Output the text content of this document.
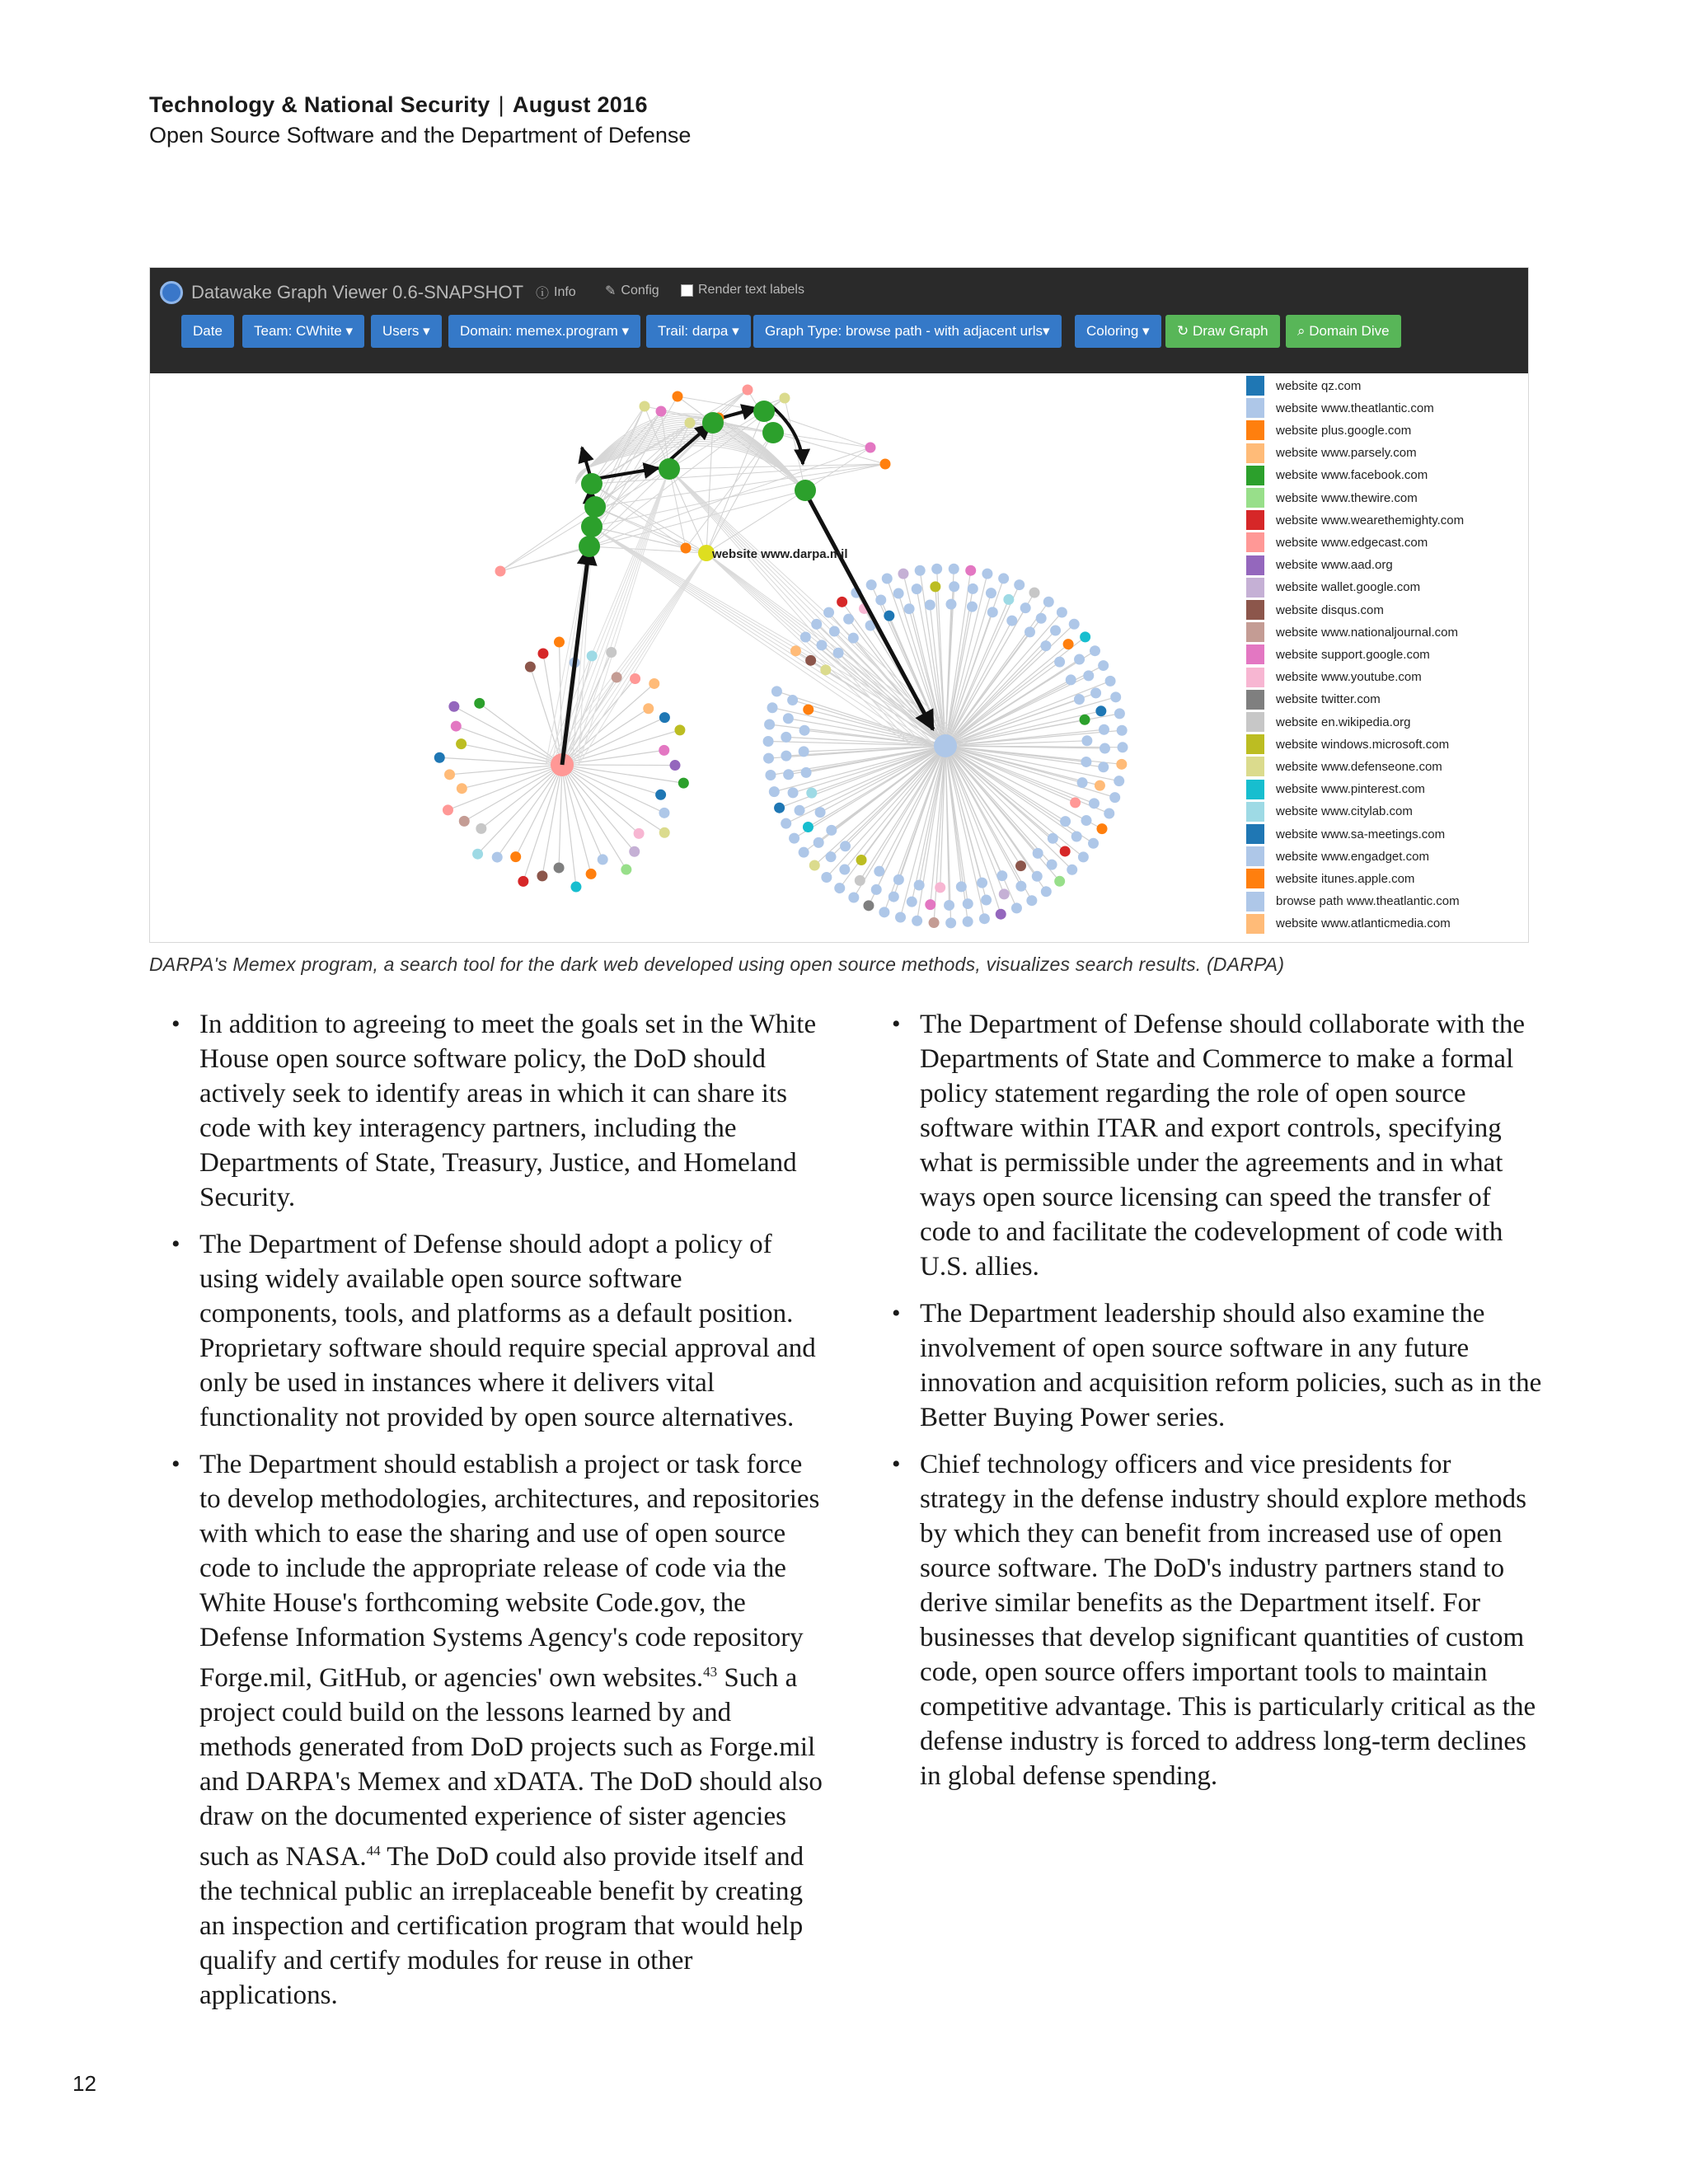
Technology & National Security | August 2016
Open Source Software and the Department of Defense
Datawake Graph Viewer 0.6-SNAPSHOT ⓘ Info ✎ Config	Render text labels
Date	Team: CWhite ▾	Users ▾	Domain: memex.program ▾	Trail: darpa ▾	Graph Type: browse path - with adjacent urls▾	Coloring ▾	↻ Draw Graph	⌕ Domain Dive
website www.darpa.mil
website qz.com
website www.theatlantic.com
website plus.google.com
website www.parsely.com
website www.facebook.com
website www.thewire.com
website www.wearethemighty.com
website www.edgecast.com
website www.aad.org
website wallet.google.com
website disqus.com
website www.nationaljournal.com
website support.google.com
website www.youtube.com
website twitter.com
website en.wikipedia.org
website windows.microsoft.com
website www.defenseone.com
website www.pinterest.com
website www.citylab.com
website www.sa-meetings.com
website www.engadget.com
website itunes.apple.com
browse path www.theatlantic.com
website www.atlanticmedia.com
DARPA's Memex program, a search tool for the dark web developed using open source methods, visualizes search results. (DARPA)
• In addition to agreeing to meet the goals set in the White House open source software policy, the DoD should actively seek to identify areas in which it can share its code with key interagency partners, including the Departments of State, Treasury, Justice, and Homeland Security.
• The Department of Defense should adopt a policy of using widely available open source software components, tools, and platforms as a default position. Proprietary software should require special approval and only be used in instances where it delivers vital functionality not provided by open source alternatives.
• The Department should establish a project or task force to develop methodologies, architectures, and repositories with which to ease the sharing and use of open source code to include the appropriate release of code via the White House's forthcoming website Code.gov, the Defense Information Systems Agency's code repository Forge.mil, GitHub, or agencies' own websites.$^{43}$ Such a project could build on the lessons learned by and methods generated from DoD projects such as Forge.mil and DARPA's Memex and xDATA. The DoD should also draw on the documented experience of sister agencies such as NASA.$^{44}$ The DoD could also provide itself and the technical public an irreplaceable benefit by creating an inspection and certification program that would help qualify and certify modules for reuse in other applications.
• The Department of Defense should collaborate with the Departments of State and Commerce to make a formal policy statement regarding the role of open source software within ITAR and export controls, specifying what is permissible under the agreements and in what ways open source licensing can speed the transfer of code to and facilitate the codevelopment of code with U.S. allies.
• The Department leadership should also examine the involvement of open source software in any future innovation and acquisition reform policies, such as in the Better Buying Power series.
• Chief technology officers and vice presidents for strategy in the defense industry should explore methods by which they can benefit from increased use of open source software. The DoD's industry partners stand to derive similar benefits as the Department itself. For businesses that develop significant quantities of custom code, open source offers important tools to maintain competitive advantage. This is particularly critical as the defense industry is forced to address long-term declines in global defense spending.
12
